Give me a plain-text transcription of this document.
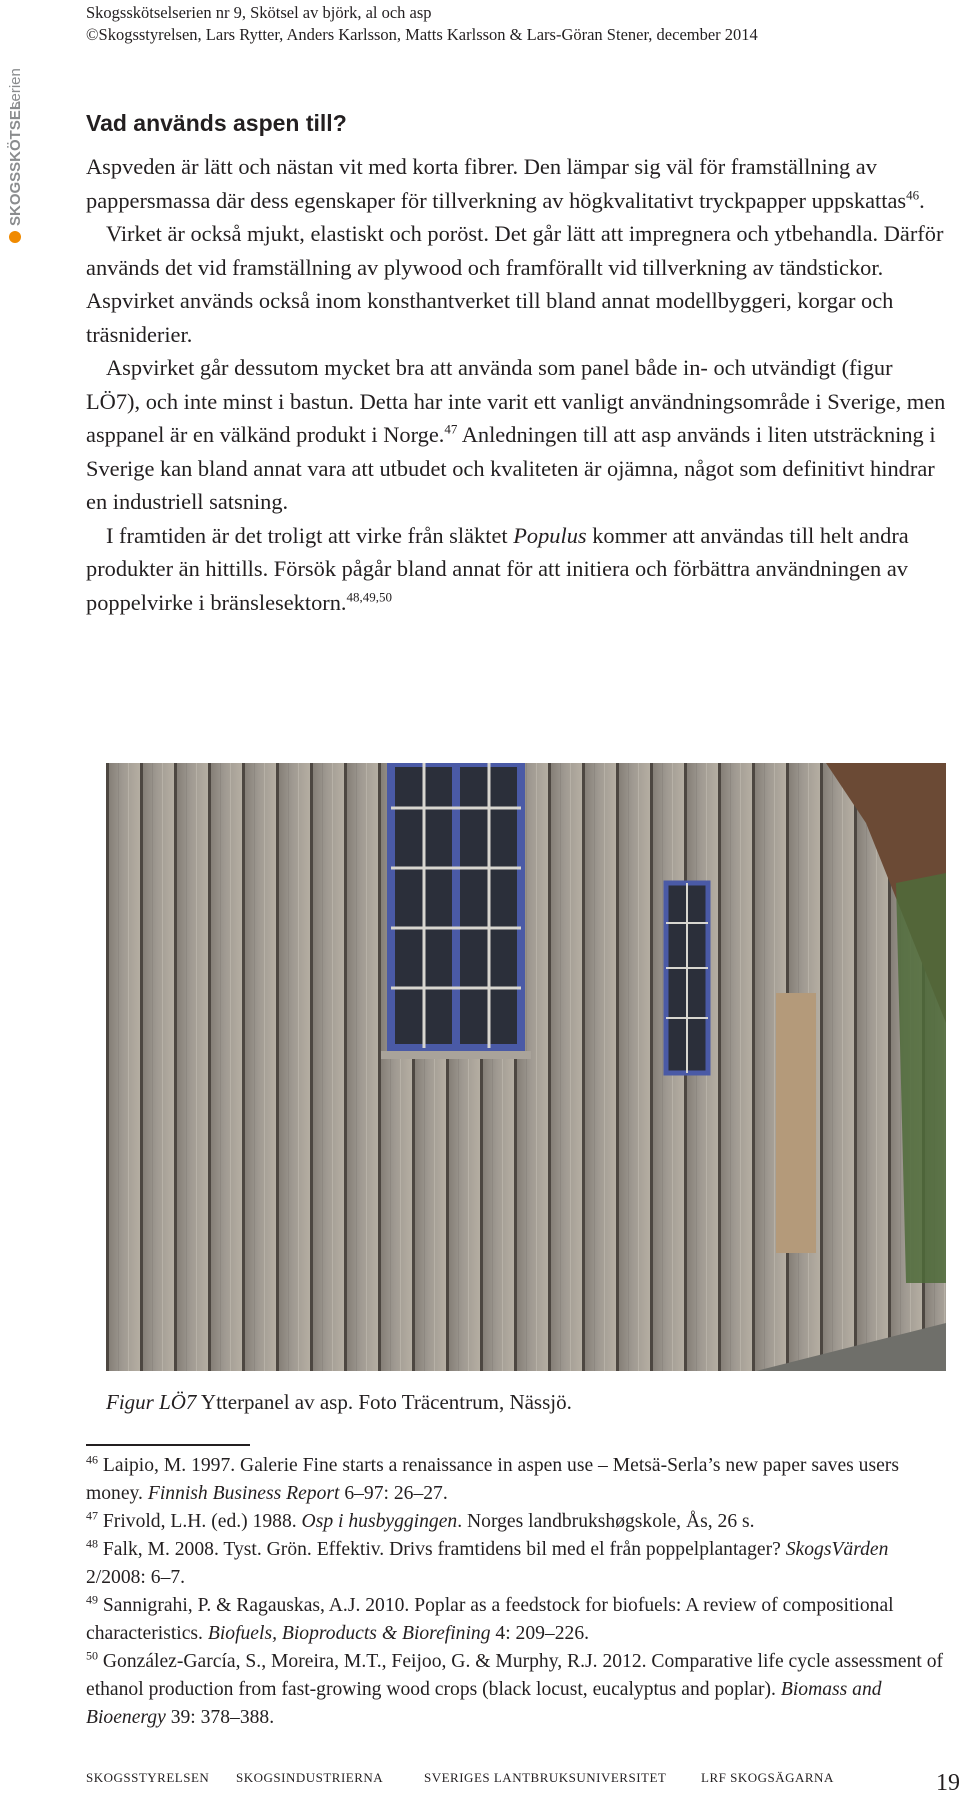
SKOGSSKÖTSEL
serien
Skogsskötselserien nr 9, Skötsel av björk, al och asp
©Skogsstyrelsen, Lars Rytter, Anders Karlsson, Matts Karlsson & Lars-Göran Stener, december 2014
Vad används aspen till?

Aspveden är lätt och nästan vit med korta fibrer. Den lämpar sig väl för framställning av pappersmassa där dess egenskaper för tillverkning av högkvalitativt tryckpapper uppskattas$^{46}$.

Virket är också mjukt, elastiskt och poröst. Det går lätt att impregnera och ytbehandla. Därför används det vid framställning av plywood och framförallt vid tillverkning av tändstickor. Aspvirket används också inom konsthantverket till bland annat modellbyggeri, korgar och träsniderier.

Aspvirket går dessutom mycket bra att använda som panel både in- och utvändigt (figur LÖ7), och inte minst i bastun. Detta har inte varit ett vanligt användningsområde i Sverige, men asppanel är en välkänd produkt i Norge.$^{47}$ Anledningen till att asp används i liten utsträckning i Sverige kan bland annat vara att utbudet och kvaliteten är ojämna, något som definitivt hindrar en industriell satsning.

I framtiden är det troligt att virke från släktet Populus kommer att användas till helt andra produkter än hittills. Försök pågår bland annat för att initiera och förbättra användningen av poppelvirke i bränslesektorn.$^{48,49,50}$

Figur LÖ7 Ytterpanel av asp. Foto Träcentrum, Nässjö.

$^{46}$ Laipio, M. 1997. Galerie Fine starts a renaissance in aspen use – Metsä-Serla’s new paper saves users money. Finnish Business Report 6–97: 26–27.

$^{47}$ Frivold, L.H. (ed.) 1988. Osp i husbyggingen. Norges landbrukshøgskole, Ås, 26 s.

$^{48}$ Falk, M. 2008. Tyst. Grön. Effektiv. Drivs framtidens bil med el från poppelplantager? SkogsVärden 2/2008: 6–7.

$^{49}$ Sannigrahi, P. & Ragauskas, A.J. 2010. Poplar as a feedstock for biofuels: A review of compositional characteristics. Biofuels, Bioproducts & Biorefining 4: 209–226.

$^{50}$ González-García, S., Moreira, M.T., Feijoo, G. & Murphy, R.J. 2012. Comparative life cycle assessment of ethanol production from fast-growing wood crops (black locust, eucalyptus and poplar). Biomass and Bioenergy 39: 378–388.

SKOGSSTYRELSEN SKOGSINDUSTRIERNA	SVERIGES LANTBRUKSUNIVERSITET	LRF SKOGSÄGARNA	19
